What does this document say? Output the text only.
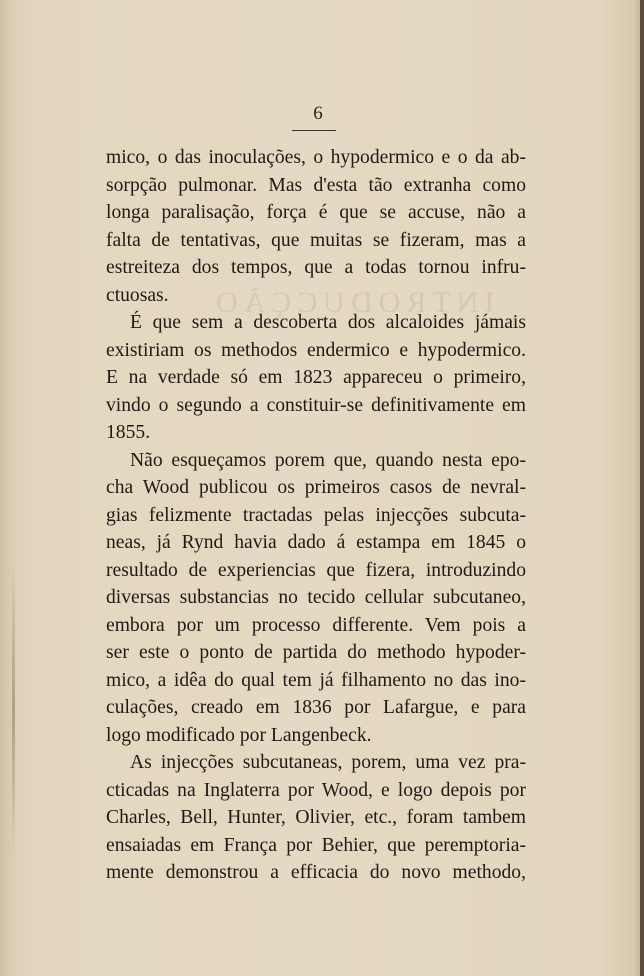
INTRODUCÇÃO
6
mico, o das inoculações, o hypodermico e o da ab-
sorpção pulmonar. Mas d'esta tão extranha como
longa paralisação, força é que se accuse, não a
falta de tentativas, que muitas se fizeram, mas a
estreiteza dos tempos, que a todas tornou infru-
ctuosas.
É que sem a descoberta dos alcaloides jámais
existiriam os methodos endermico e hypodermico.
E na verdade só em 1823 appareceu o primeiro,
vindo o segundo a constituir-se definitivamente em
1855.
Não esqueçamos porem que, quando nesta epo-
cha Wood publicou os primeiros casos de nevral-
gias felizmente tractadas pelas injecções subcuta-
neas, já Rynd havia dado á estampa em 1845 o
resultado de experiencias que fizera, introduzindo
diversas substancias no tecido cellular subcutaneo,
embora por um processo differente. Vem pois a
ser este o ponto de partida do methodo hypoder-
mico, a idêa do qual tem já filhamento no das ino-
culações, creado em 1836 por Lafargue, e para
logo modificado por Langenbeck.
As injecções subcutaneas, porem, uma vez pra-
cticadas na Inglaterra por Wood, e logo depois por
Charles, Bell, Hunter, Olivier, etc., foram tambem
ensaiadas em França por Behier, que peremptoria-
mente demonstrou a efficacia do novo methodo,
